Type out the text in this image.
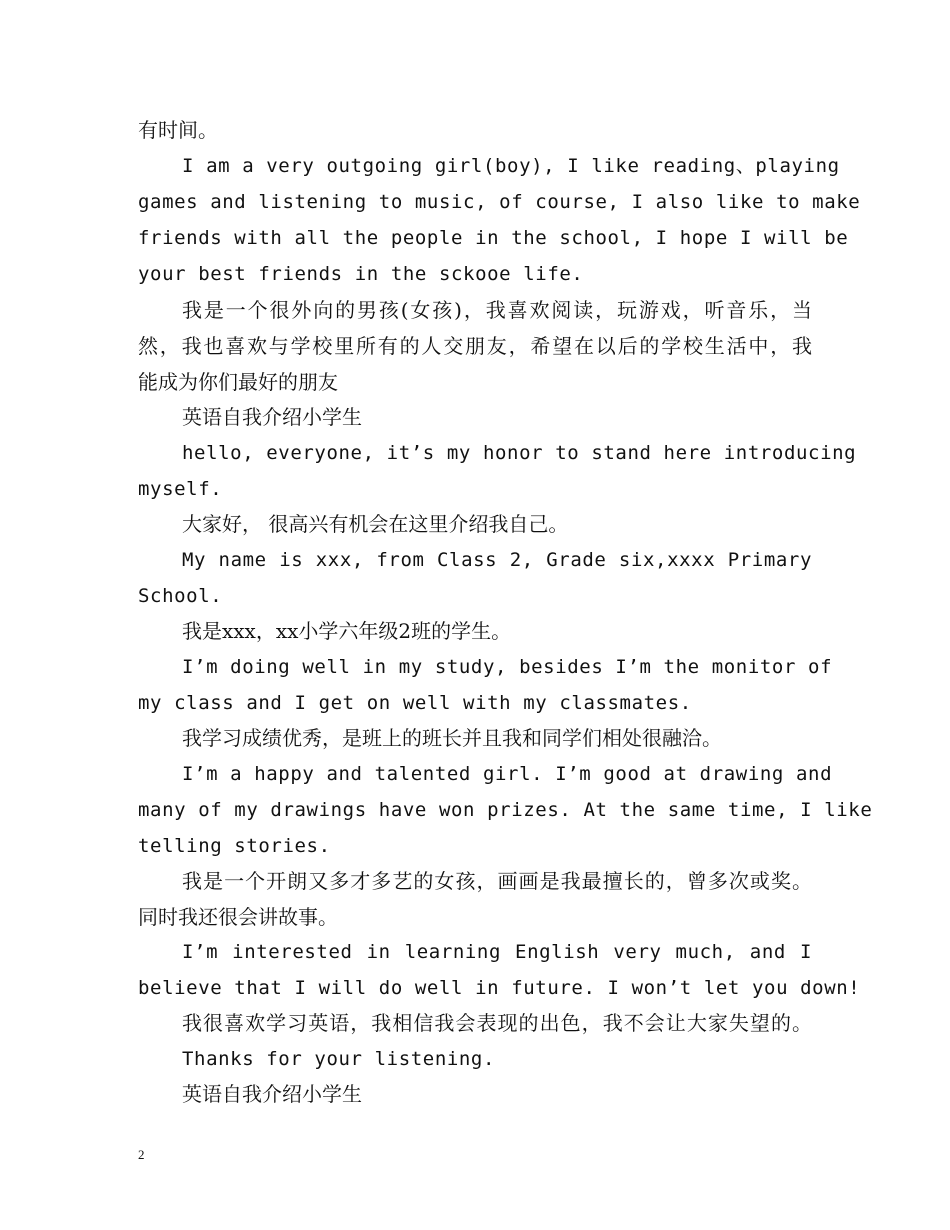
有时间。
I am a very outgoing girl(boy), I like reading、playing
games and listening to music, of course, I also like to make
friends with all the people in the school, I hope I will be
your best friends in the sckooe life.
我是一个很外向的男孩(女孩)，我喜欢阅读，玩游戏，听音乐，当
然，我也喜欢与学校里所有的人交朋友，希望在以后的学校生活中，我
能成为你们最好的朋友
英语自我介绍小学生
hello, everyone, it’s my honor to stand here introducing
myself.
大家好， 很高兴有机会在这里介绍我自己。
My name is xxx, from Class 2, Grade six,xxxx Primary
School.
我是xxx，xx小学六年级2班的学生。
I’m doing well in my study, besides I’m the monitor of
my class and I get on well with my classmates.
我学习成绩优秀，是班上的班长并且我和同学们相处很融洽。
I’m a happy and talented girl. I’m good at drawing and
many of my drawings have won prizes. At the same time, I like
telling stories.
我是一个开朗又多才多艺的女孩，画画是我最擅长的，曾多次或奖。
同时我还很会讲故事。
I’m interested in learning English very much, and I
believe that I will do well in future. I won’t let you down!
我很喜欢学习英语，我相信我会表现的出色，我不会让大家失望的。
Thanks for your listening.
英语自我介绍小学生
2
